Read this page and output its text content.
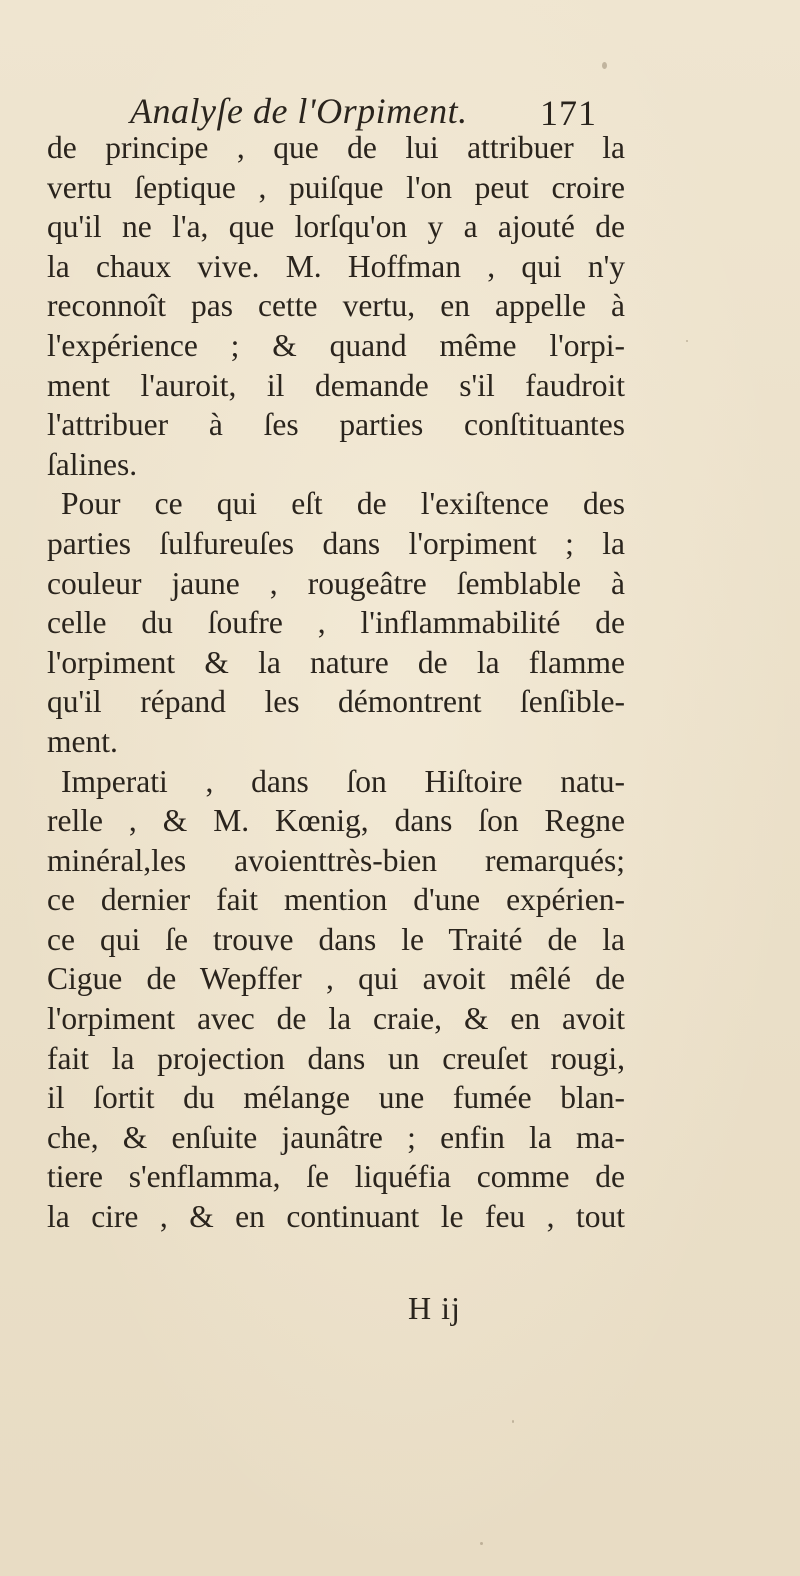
Analyſe de l'Orpiment. 171
de principe , que de lui attribuer la
vertu ſeptique , puiſque l'on peut croire
qu'il ne l'a, que lorſqu'on y a ajouté de
la chaux vive. M. Hoffman , qui n'y
reconnoît pas cette vertu, en appelle à
l'expérience ; & quand même l'orpi-
ment l'auroit, il demande s'il faudroit
l'attribuer à ſes parties conſtituantes
ſalines.
Pour ce qui eſt de l'exiſtence des
parties ſulfureuſes dans l'orpiment ; la
couleur jaune , rougeâtre ſemblable à
celle du ſoufre , l'inflammabilité de
l'orpiment & la nature de la flamme
qu'il répand les démontrent ſenſible-
ment.
Imperati , dans ſon Hiſtoire natu-
relle , & M. Kœnig, dans ſon Regne
minéral,les avoienttrès-bien remarqués;
ce dernier fait mention d'une expérien-
ce qui ſe trouve dans le Traité de la
Cigue de Wepffer , qui avoit mêlé de
l'orpiment avec de la craie, & en avoit
fait la projection dans un creuſet rougi,
il ſortit du mélange une fumée blan-
che, & enſuite jaunâtre ; enfin la ma-
tiere s'enflamma, ſe liquéfia comme de
la cire , & en continuant le feu , tout
H ij
